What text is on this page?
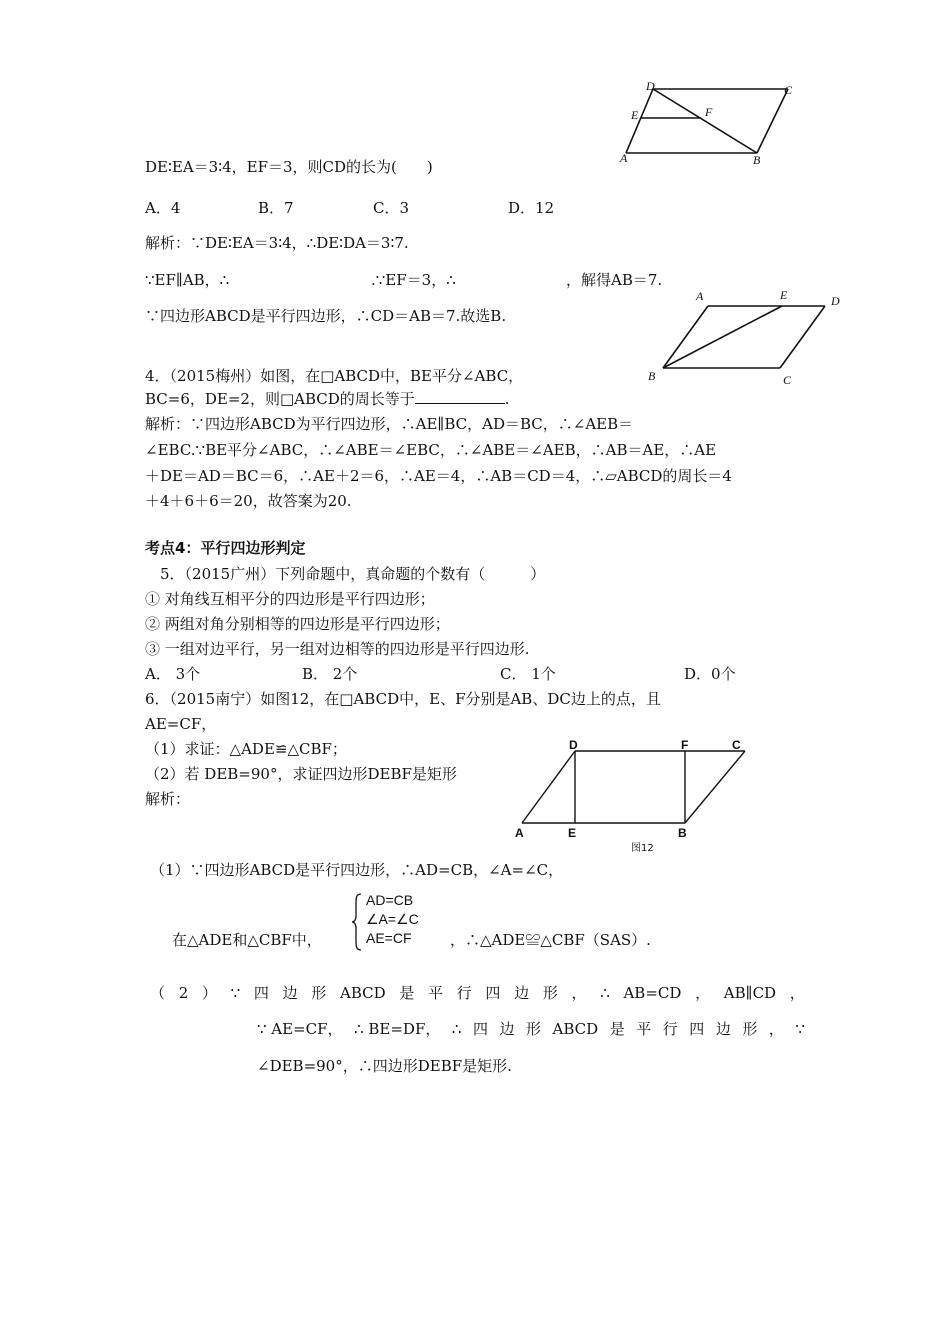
D	C
E	F
A	B
DE∶EA＝3∶4，EF＝3，则CD的长为(　　)
A．4	B．7	C．3	D．12
解析：∵DE∶EA＝3∶4，∴DE∶DA＝3∶7.
∵EF∥AB，∴	.∵EF＝3，∴	，解得AB＝7.
∵四边形ABCD是平行四边形，∴CD＝AB＝7.故选B.
A	E	D
B	C
4．（2015梅州）如图，在□ABCD中，BE平分∠ABC，
BC=6，DE=2，则□ABCD的周长等于	.
解析：∵四边形ABCD为平行四边形，∴AE∥BC，AD＝BC，∴∠AEB＝
∠EBC.∵BE平分∠ABC，∴∠ABE＝∠EBC，∴∠ABE＝∠AEB，∴AB＝AE，∴AE
＋DE＝AD＝BC＝6，∴AE＋2＝6，∴AE＝4，∴AB＝CD＝4，∴▱ABCD的周长＝4
＋4＋6＋6＝20，故答案为20.
考点4：平行四边形判定
5．（2015广州）下列命题中，真命题的个数有（　　　）
① 对角线互相平分的四边形是平行四边形；
② 两组对角分别相等的四边形是平行四边形；
③ 一组对边平行，另一组对边相等的四边形是平行四边形.
A． 3个	B． 2个	C． 1个	D．0个
6．（2015南宁）如图12，在□ABCD中，E、F分别是AB、DC边上的点，且
AE=CF，
（1）求证：△ADE≌△CBF；
（2）若 DEB=90°，求证四边形DEBF是矩形
解析：
D	F	C
A	E	B
图12
（1）∵四边形ABCD是平行四边形，∴AD=CB，∠A=∠C，
在△ADE和△CBF中，
AD=CB
∠A=∠C
AE=CF	，∴△ADE≌△CBF（SAS）.
（ 2 ） ∵ 四 边 形 ABCD 是 平 行 四 边 形 ， ∴ AB=CD ， AB∥CD ，
∵ AE=CF， ∴ BE=DF， ∴ 四 边 形 ABCD 是 平 行 四 边 形 ， ∵
∠DEB=90°，∴四边形DEBF是矩形.
